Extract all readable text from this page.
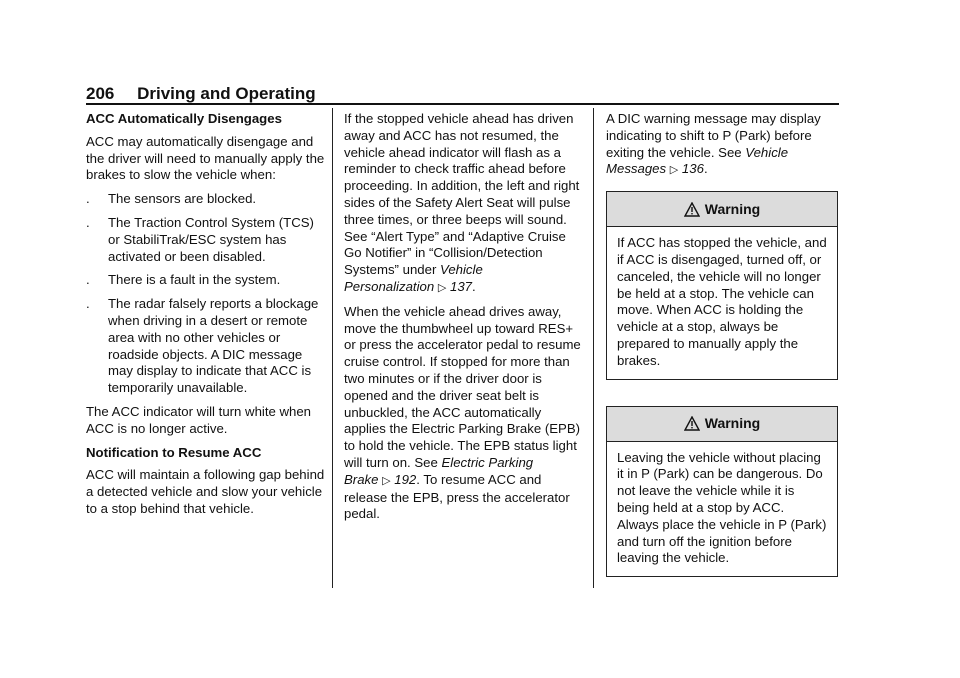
206 Driving and Operating
ACC Automatically Disengages

ACC may automatically disengage and the driver will need to manually apply the brakes to slow the vehicle when:

. The sensors are blocked.
. The Traction Control System (TCS) or StabiliTrak/ESC system has activated or been disabled.
. There is a fault in the system.
. The radar falsely reports a blockage when driving in a desert or remote area with no other vehicles or roadside objects. A DIC message may display to indicate that ACC is temporarily unavailable.

The ACC indicator will turn white when ACC is no longer active.

Notification to Resume ACC

ACC will maintain a following gap behind a detected vehicle and slow your vehicle to a stop behind that vehicle.

If the stopped vehicle ahead has driven away and ACC has not resumed, the vehicle ahead indicator will flash as a reminder to check traffic ahead before proceeding. In addition, the left and right sides of the Safety Alert Seat will pulse three times, or three beeps will sound. See “Alert Type” and “Adaptive Cruise Go Notifier” in “Collision/Detection Systems” under Vehicle Personalization ▷ 137.

When the vehicle ahead drives away, move the thumbwheel up toward RES+ or press the accelerator pedal to resume cruise control. If stopped for more than two minutes or if the driver door is opened and the driver seat belt is unbuckled, the ACC automatically applies the Electric Parking Brake (EPB) to hold the vehicle. The EPB status light will turn on. See Electric Parking Brake ▷ 192. To resume ACC and release the EPB, press the accelerator pedal.

A DIC warning message may display indicating to shift to P (Park) before exiting the vehicle. See Vehicle Messages ▷ 136.

Warning
If ACC has stopped the vehicle, and if ACC is disengaged, turned off, or canceled, the vehicle will no longer be held at a stop. The vehicle can move. When ACC is holding the vehicle at a stop, always be prepared to manually apply the brakes.
Warning
Leaving the vehicle without placing it in P (Park) can be dangerous. Do not leave the vehicle while it is being held at a stop by ACC. Always place the vehicle in P (Park) and turn off the ignition before leaving the vehicle.
